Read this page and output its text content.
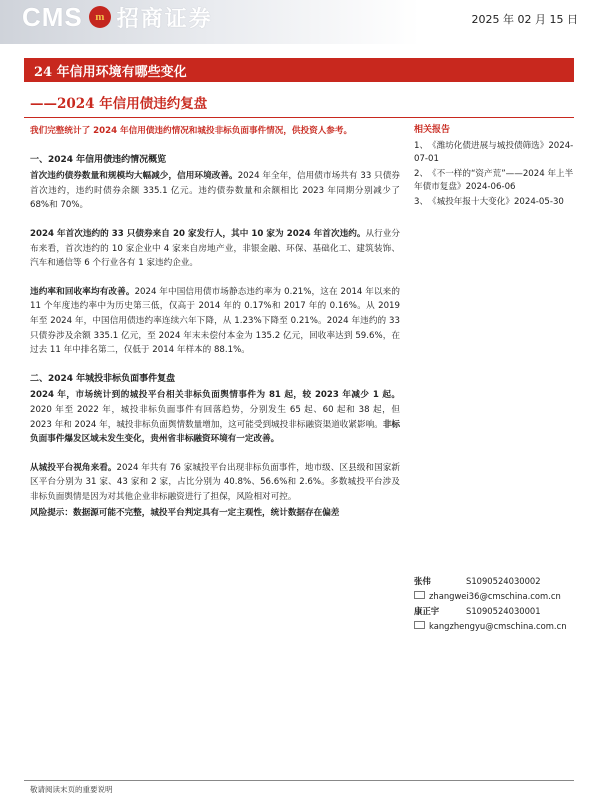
CMS m 招商证券	2025 年 02 月 15 日
24 年信用环境有哪些变化
——2024 年信用债违约复盘

我们完整统计了 2024 年信用债违约情况和城投非标负面事件情况，供投资人参考。

一、2024 年信用债违约情况概览

首次违约债券数量和规模均大幅减少，信用环境改善。2024 年全年，信用债市场共有 33 只债券首次违约，违约时债券余额 335.1 亿元。违约债券数量和余额相比 2023 年同期分别减少了 68%和 70%。

2024 年首次违约的 33 只债券来自 20 家发行人，其中 10 家为 2024 年首次违约。从行业分布来看，首次违约的 10 家企业中 4 家来自房地产业，非银金融、环保、基础化工、建筑装饰、汽车和通信等 6 个行业各有 1 家违约企业。

违约率和回收率均有改善。2024 年中国信用债市场静态违约率为 0.21%，这在 2014 年以来的 11 个年度违约率中为历史第三低，仅高于 2014 年的 0.17%和 2017 年的 0.16%。从 2019 年至 2024 年，中国信用债违约率连续六年下降，从 1.23%下降至 0.21%。2024 年违约的 33 只债券涉及余额 335.1 亿元，至 2024 年末未偿付本金为 135.2 亿元，回收率达到 59.6%，在过去 11 年中排名第二，仅低于 2014 年样本的 88.1%。

二、2024 年城投非标负面事件复盘

2024 年，市场统计到的城投平台相关非标负面舆情事件为 81 起，较 2023 年减少 1 起。2020 年至 2022 年，城投非标负面事件有回落趋势，分别发生 65 起、60 起和 38 起，但 2023 年和 2024 年，城投非标负面舆情数量增加，这可能受到城投非标融资渠道收紧影响。非标负面事件爆发区域未发生变化，贵州省非标融资环境有一定改善。

从城投平台视角来看。2024 年共有 76 家城投平台出现非标负面事件，地市级、区县级和国家新区平台分别为 31 家、43 家和 2 家，占比分别为 40.8%、56.6%和 2.6%。多数城投平台涉及非标负面舆情是因为对其他企业非标融资进行了担保，风险相对可控。

风险提示：数据源可能不完整，城投平台判定具有一定主观性，统计数据存在偏差

相关报告
1、《潍坊化债进展与城投债筛选》2024-07-01
2、《不一样的“资产荒”——2024 年上半年债市复盘》2024-06-06
3、《城投年报十大变化》2024-05-30
张伟	S1090524030002
zhangwei36@cmschina.com.cn
康正宇	S1090524030001
kangzhengyu@cmschina.com.cn
敬请阅读末页的重要说明
